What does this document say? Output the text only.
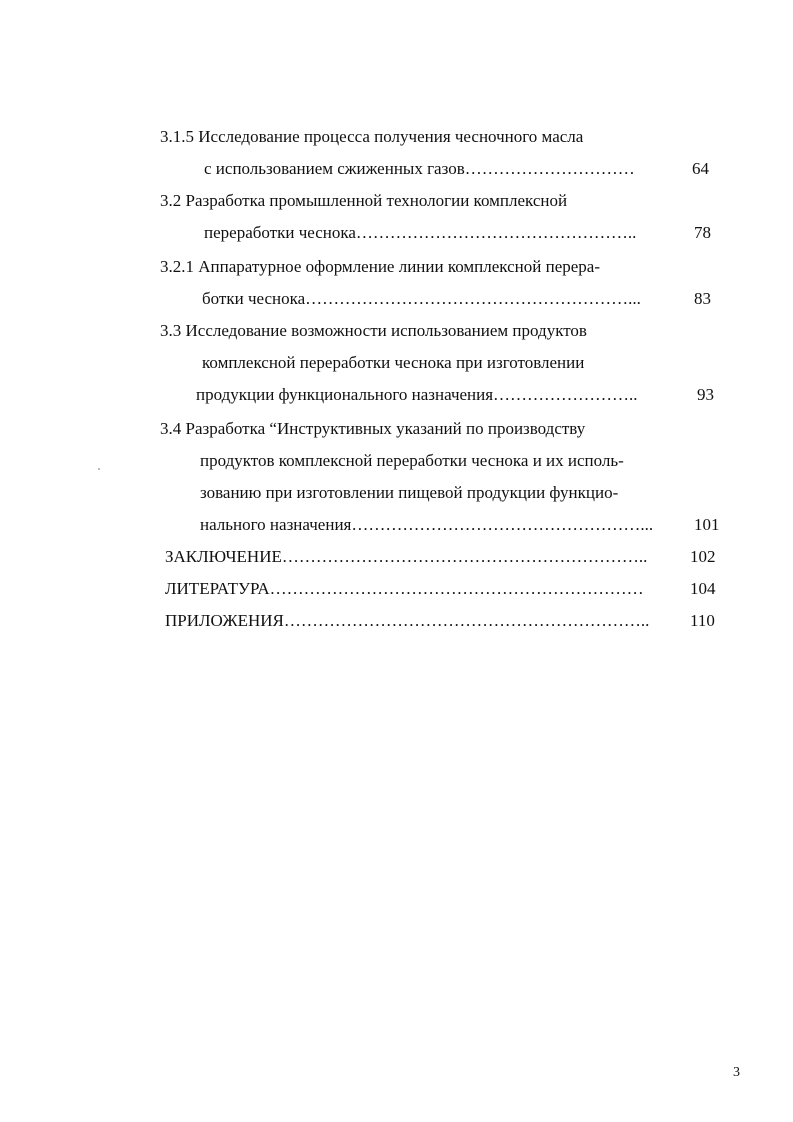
3.1.5 Исследование процесса получения чесночного масла
с использованием сжиженных газов…………………………	64
3.2 Разработка промышленной технологии комплексной
переработки чеснока…………………………………………..	78
3.2.1 Аппаратурное оформление линии комплексной перера-
ботки чеснока…………………………………………………...	83
3.3 Исследование возможности использованием продуктов
комплексной переработки чеснока при изготовлении
продукции функционального назначения……………………..	93
3.4 Разработка “Инструктивных указаний по производству
продуктов комплексной переработки чеснока и их исполь-
зованию при изготовлении пищевой продукции функцио-
нального назначения……………………………………………... 101
ЗАКЛЮЧЕНИЕ………………………………………………………..	102
ЛИТЕРАТУРА…………………………………………………………	104
ПРИЛОЖЕНИЯ……………………………………………………….. 110
3
